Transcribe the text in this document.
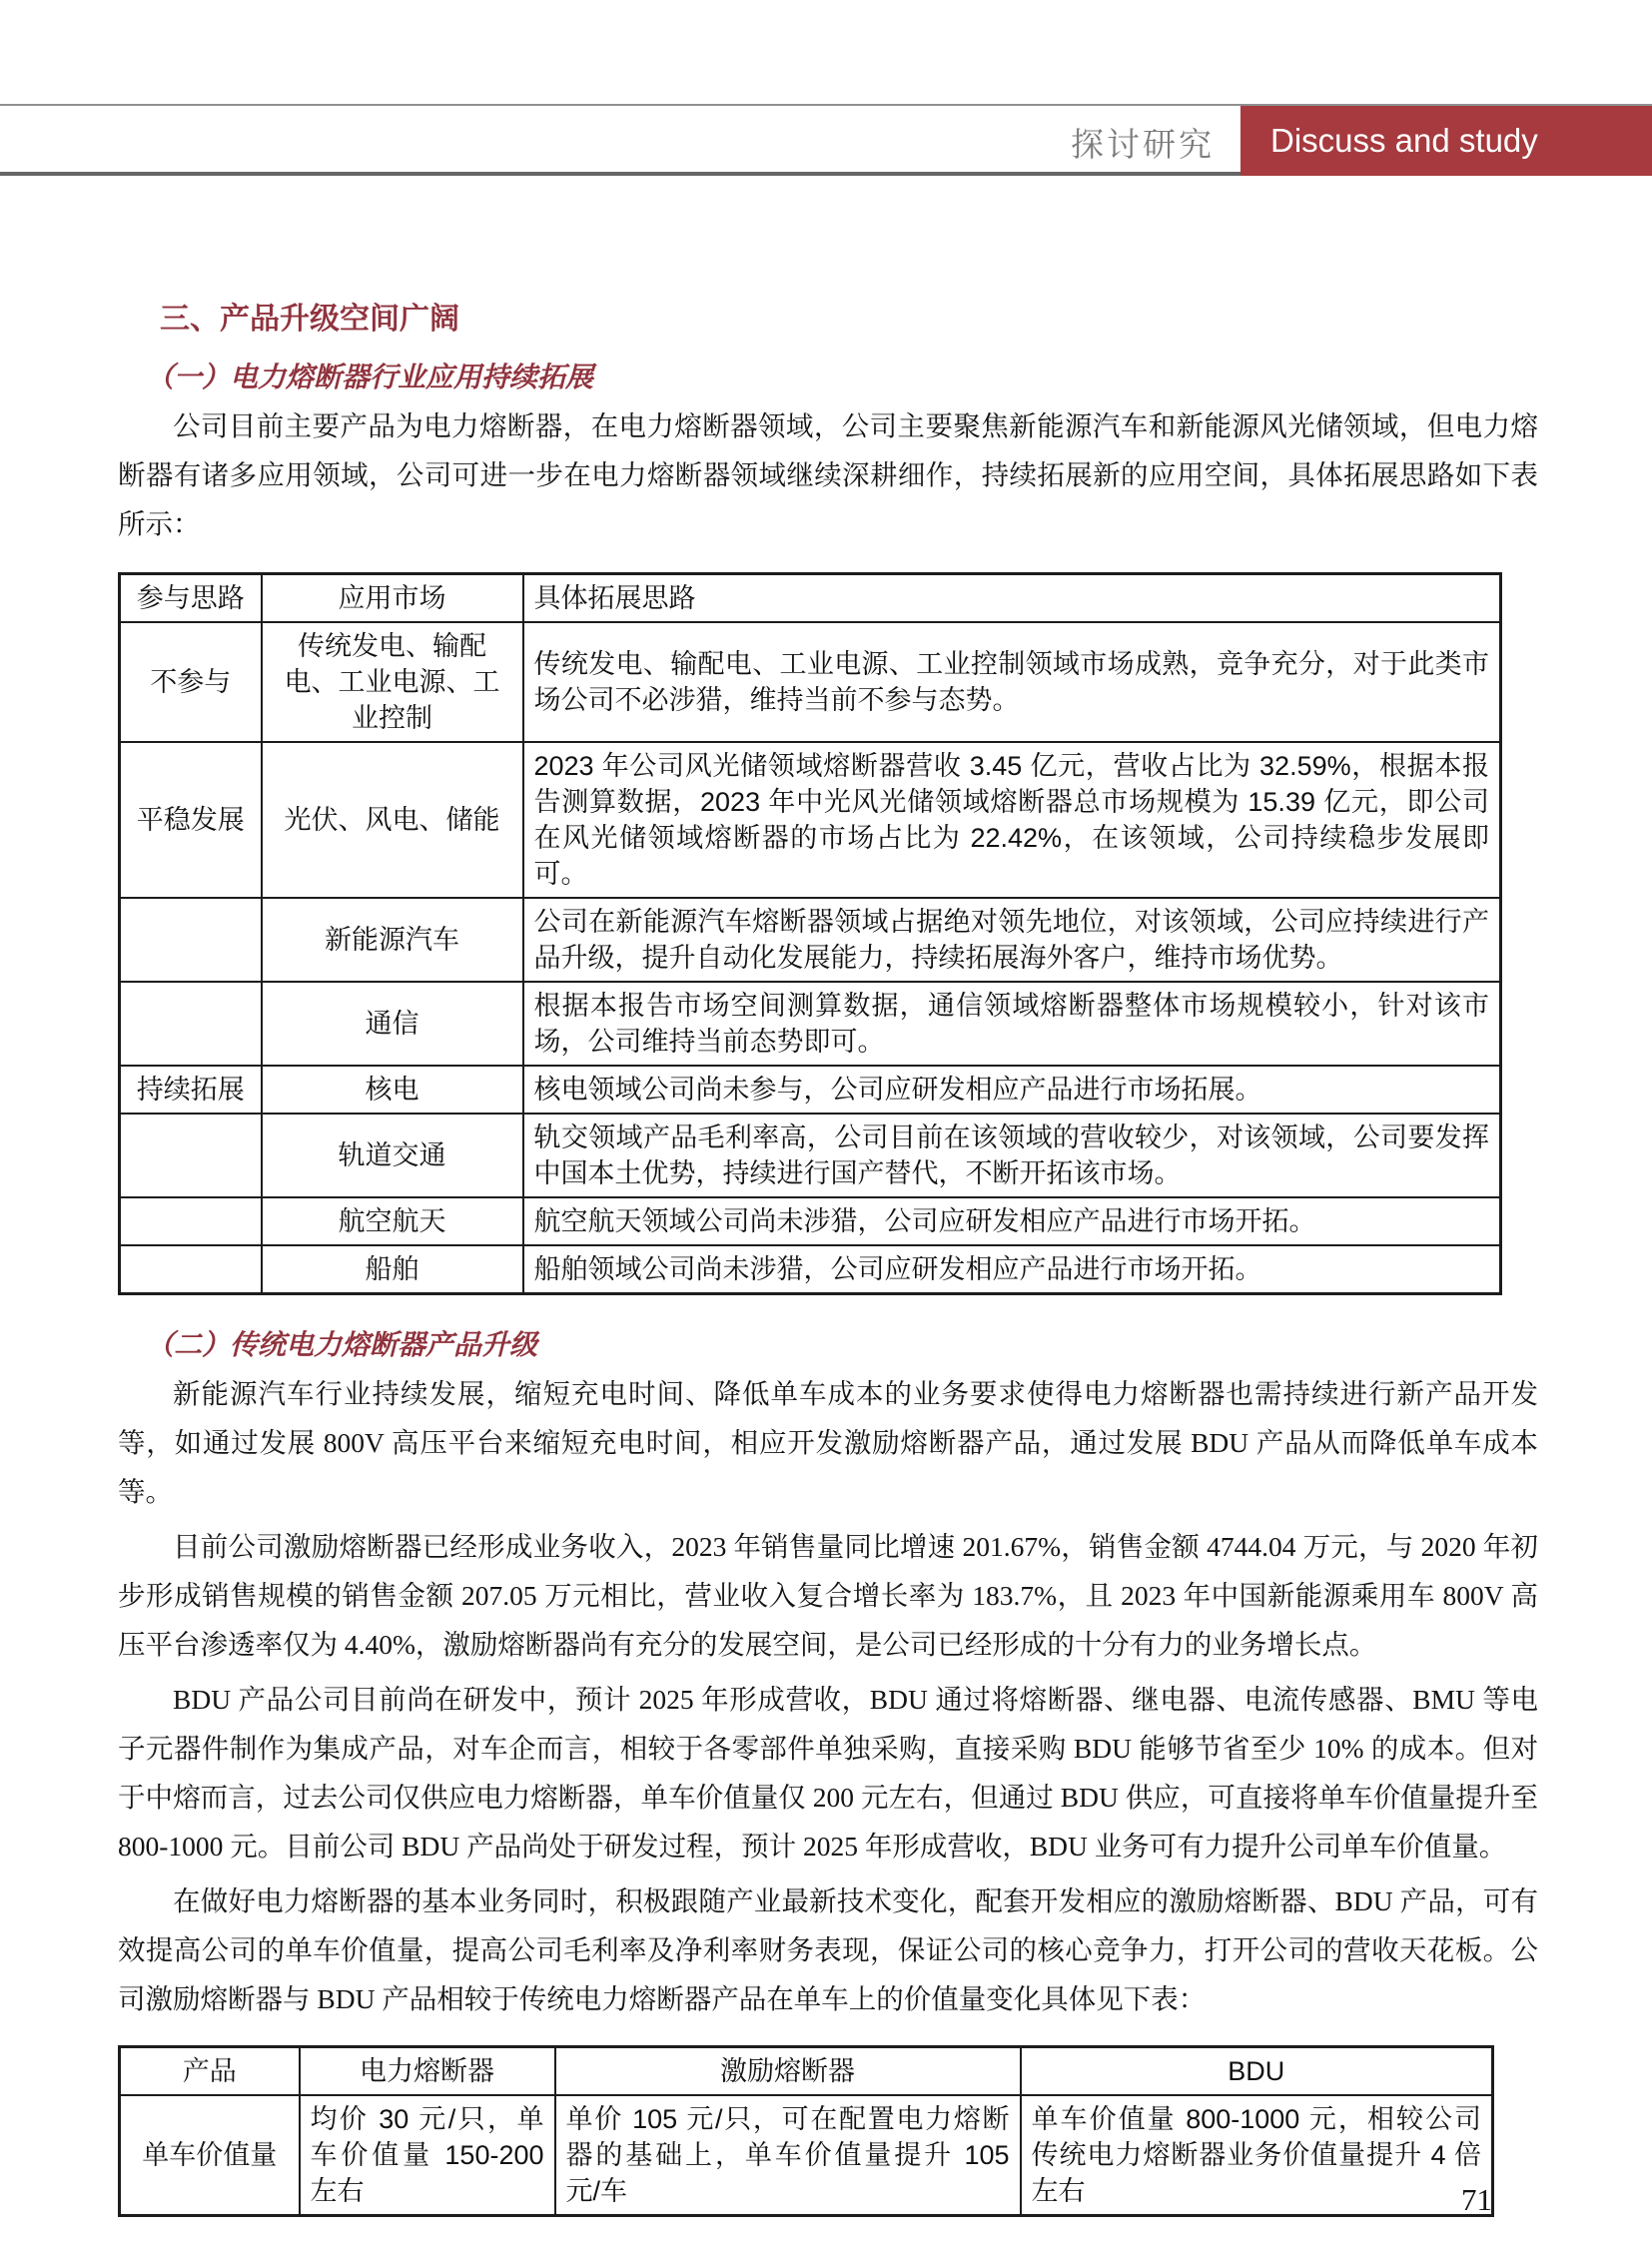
探讨研究 Discuss and study
三、产品升级空间广阔
（一）电力熔断器行业应用持续拓展

公司目前主要产品为电力熔断器，在电力熔断器领域，公司主要聚焦新能源汽车和新能源风光储领域，但电力熔断器有诸多应用领域，公司可进一步在电力熔断器领域继续深耕细作，持续拓展新的应用空间，具体拓展思路如下表所示：

参与思路	应用市场	具体拓展思路
不参与	传统发电、输配电、工业电源、工业控制	传统发电、输配电、工业电源、工业控制领域市场成熟，竞争充分，对于此类市场公司不必涉猎，维持当前不参与态势。
平稳发展	光伏、风电、储能	2023 年公司风光储领域熔断器营收 3.45 亿元，营收占比为 32.59%，根据本报告测算数据，2023 年中光风光储领域熔断器总市场规模为 15.39 亿元，即公司在风光储领域熔断器的市场占比为 22.42%，在该领域，公司持续稳步发展即可。
	新能源汽车	公司在新能源汽车熔断器领域占据绝对领先地位，对该领域，公司应持续进行产品升级，提升自动化发展能力，持续拓展海外客户，维持市场优势。
	通信	根据本报告市场空间测算数据，通信领域熔断器整体市场规模较小，针对该市场，公司维持当前态势即可。
持续拓展	核电	核电领域公司尚未参与，公司应研发相应产品进行市场拓展。
	轨道交通	轨交领域产品毛利率高，公司目前在该领域的营收较少，对该领域，公司要发挥中国本土优势，持续进行国产替代，不断开拓该市场。
	航空航天	航空航天领域公司尚未涉猎，公司应研发相应产品进行市场开拓。
	船舶	船舶领域公司尚未涉猎，公司应研发相应产品进行市场开拓。
（二）传统电力熔断器产品升级

新能源汽车行业持续发展，缩短充电时间、降低单车成本的业务要求使得电力熔断器也需持续进行新产品开发等，如通过发展 800V 高压平台来缩短充电时间，相应开发激励熔断器产品，通过发展 BDU 产品从而降低单车成本等。

目前公司激励熔断器已经形成业务收入，2023 年销售量同比增速 201.67%，销售金额 4744.04 万元，与 2020 年初步形成销售规模的销售金额 207.05 万元相比，营业收入复合增长率为 183.7%，且 2023 年中国新能源乘用车 800V 高压平台渗透率仅为 4.40%，激励熔断器尚有充分的发展空间，是公司已经形成的十分有力的业务增长点。

BDU 产品公司目前尚在研发中，预计 2025 年形成营收，BDU 通过将熔断器、继电器、电流传感器、BMU 等电子元器件制作为集成产品，对车企而言，相较于各零部件单独采购，直接采购 BDU 能够节省至少 10% 的成本。但对于中熔而言，过去公司仅供应电力熔断器，单车价值量仅 200 元左右，但通过 BDU 供应，可直接将单车价值量提升至 800-1000 元。目前公司 BDU 产品尚处于研发过程，预计 2025 年形成营收，BDU 业务可有力提升公司单车价值量。

在做好电力熔断器的基本业务同时，积极跟随产业最新技术变化，配套开发相应的激励熔断器、BDU 产品，可有效提高公司的单车价值量，提高公司毛利率及净利率财务表现，保证公司的核心竞争力，打开公司的营收天花板。公司激励熔断器与 BDU 产品相较于传统电力熔断器产品在单车上的价值量变化具体见下表：

产品	电力熔断器	激励熔断器	BDU
单车价值量	均价 30 元/只，单车价值量 150-200 左右	单价 105 元/只，可在配置电力熔断器的基础上，单车价值量提升 105 元/车	单车价值量 800-1000 元，相较公司传统电力熔断器业务价值量提升 4 倍左右	71
